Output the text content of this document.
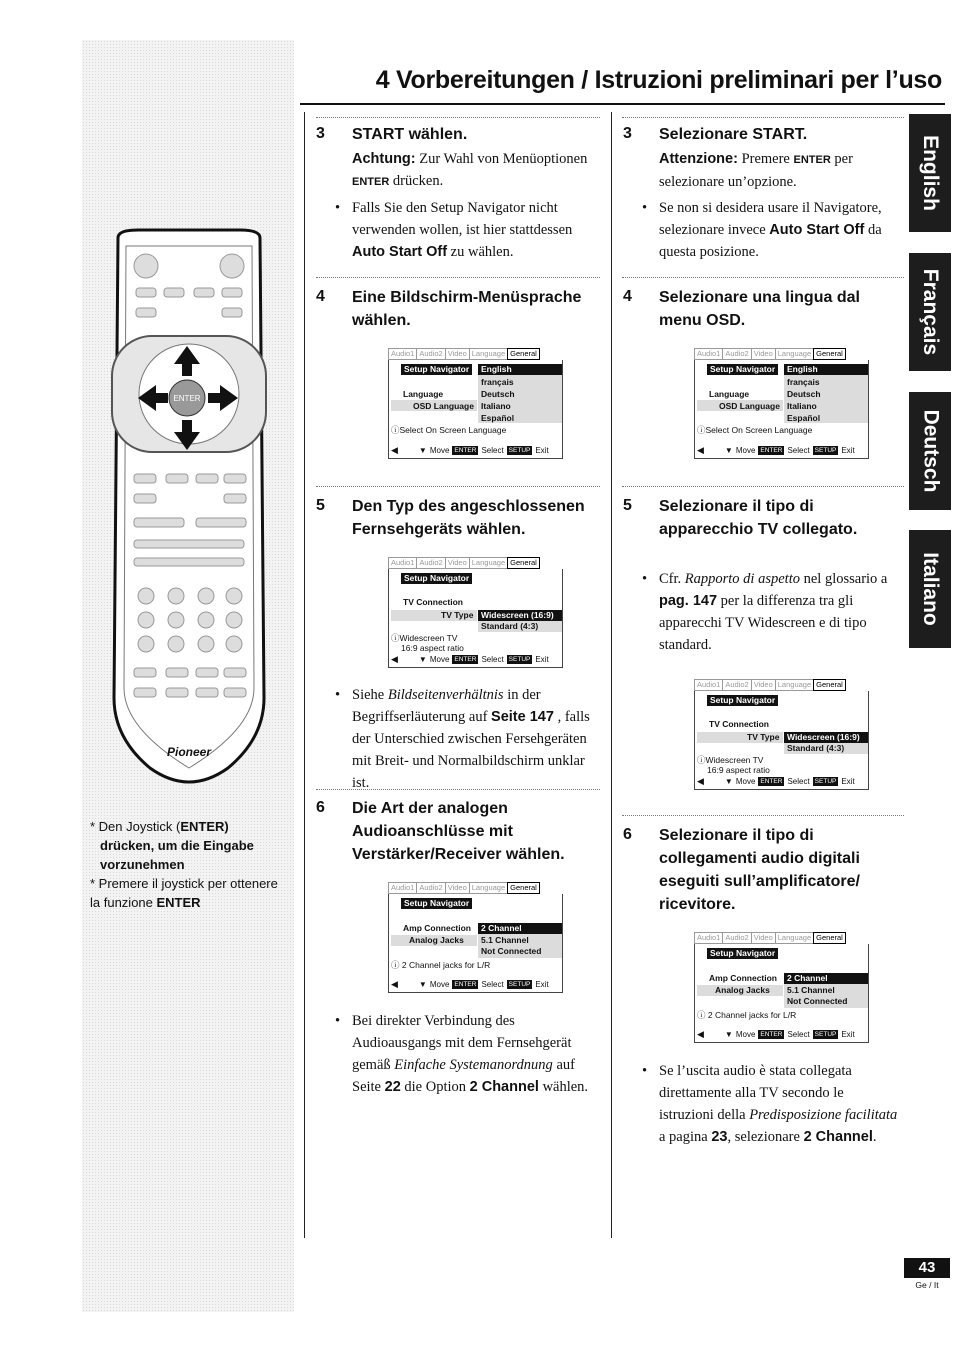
ENTER
Pioneer
* Den Joystick (ENTER)
drücken, um die Eingabe vorzunehmen
* Premere il joystick per ottenere la funzione ENTER
4 Vorbereitungen / Istruzioni preliminari per l’uso
English
Français
Deutsch
Italiano
3 START wählen.
Achtung: Zur Wahl von Menüoptionen ENTER drücken.
• Falls Sie den Setup Navigator nicht verwenden wollen, ist hier stattdessen Auto Start Off zu wählen.
4 Eine Bildschirm-Menüsprache wählen.
Audio1 Audio2 Video Language General
Setup Navigator	English
français
Deutsch
Italiano
Español
Language
OSD Language
ⓘSelect On Screen Language
◀	▼ Move ENTER Select SETUP Exit
5 Den Typ des angeschlossenen Fernsehgeräts wählen.
Audio1 Audio2 Video Language General
Setup Navigator
TV Connection
TV Type Widescreen (16:9)
Standard (4:3)
ⓘWidescreen TV
16:9 aspect ratio
◀	▼ Move ENTER Select SETUP Exit
• Siehe Bildseitenverhältnis in der Begriffserläuterung auf Seite 147 , falls der Unterschied zwischen Fersehgeräten mit Breit- und Normalbildschirm unklar ist.
6 Die Art der analogen Audioanschlüsse mit Verstärker/Receiver wählen.
Audio1 Audio2 Video Language General
Setup Navigator
Amp Connection
Analog Jacks
2 Channel
5.1 Channel
Not Connected
ⓘ 2 Channel jacks for L/R
◀	▼ Move ENTER Select SETUP Exit
• Bei direkter Verbindung des Audioausgangs mit dem Fernsehgerät gemäß Einfache Systemanordnung auf Seite 22 die Option 2 Channel wählen.
3 Selezionare START.
Attenzione: Premere ENTER per selezionare un’opzione.
• Se non si desidera usare il Navigatore, selezionare invece Auto Start Off da questa posizione.
4 Selezionare una lingua dal menu OSD.
Audio1 Audio2 Video Language General
Setup Navigator	English
français
Deutsch
Italiano
Español
Language
OSD Language
ⓘSelect On Screen Language
◀	▼ Move ENTER Select SETUP Exit
5 Selezionare il tipo di apparecchio TV collegato.
• Cfr. Rapporto di aspetto nel glossario a pag. 147 per la differenza tra gli apparecchi TV Widescreen e di tipo standard.
Audio1 Audio2 Video Language General
Setup Navigator
TV Connection
TV Type Widescreen (16:9)
Standard (4:3)
ⓘWidescreen TV
16:9 aspect ratio
◀	▼ Move ENTER Select SETUP Exit
6 Selezionare il tipo di collegamenti audio digitali eseguiti sull’amplificatore/ ricevitore.
Audio1 Audio2 Video Language General
Setup Navigator
Amp Connection
Analog Jacks
2 Channel
5.1 Channel
Not Connected
ⓘ 2 Channel jacks for L/R
◀	▼ Move ENTER Select SETUP Exit
• Se l’uscita audio è stata collegata direttamente alla TV secondo le istruzioni della Predisposizione facilitata a pagina 23, selezionare 2 Channel.
43
Ge / It
